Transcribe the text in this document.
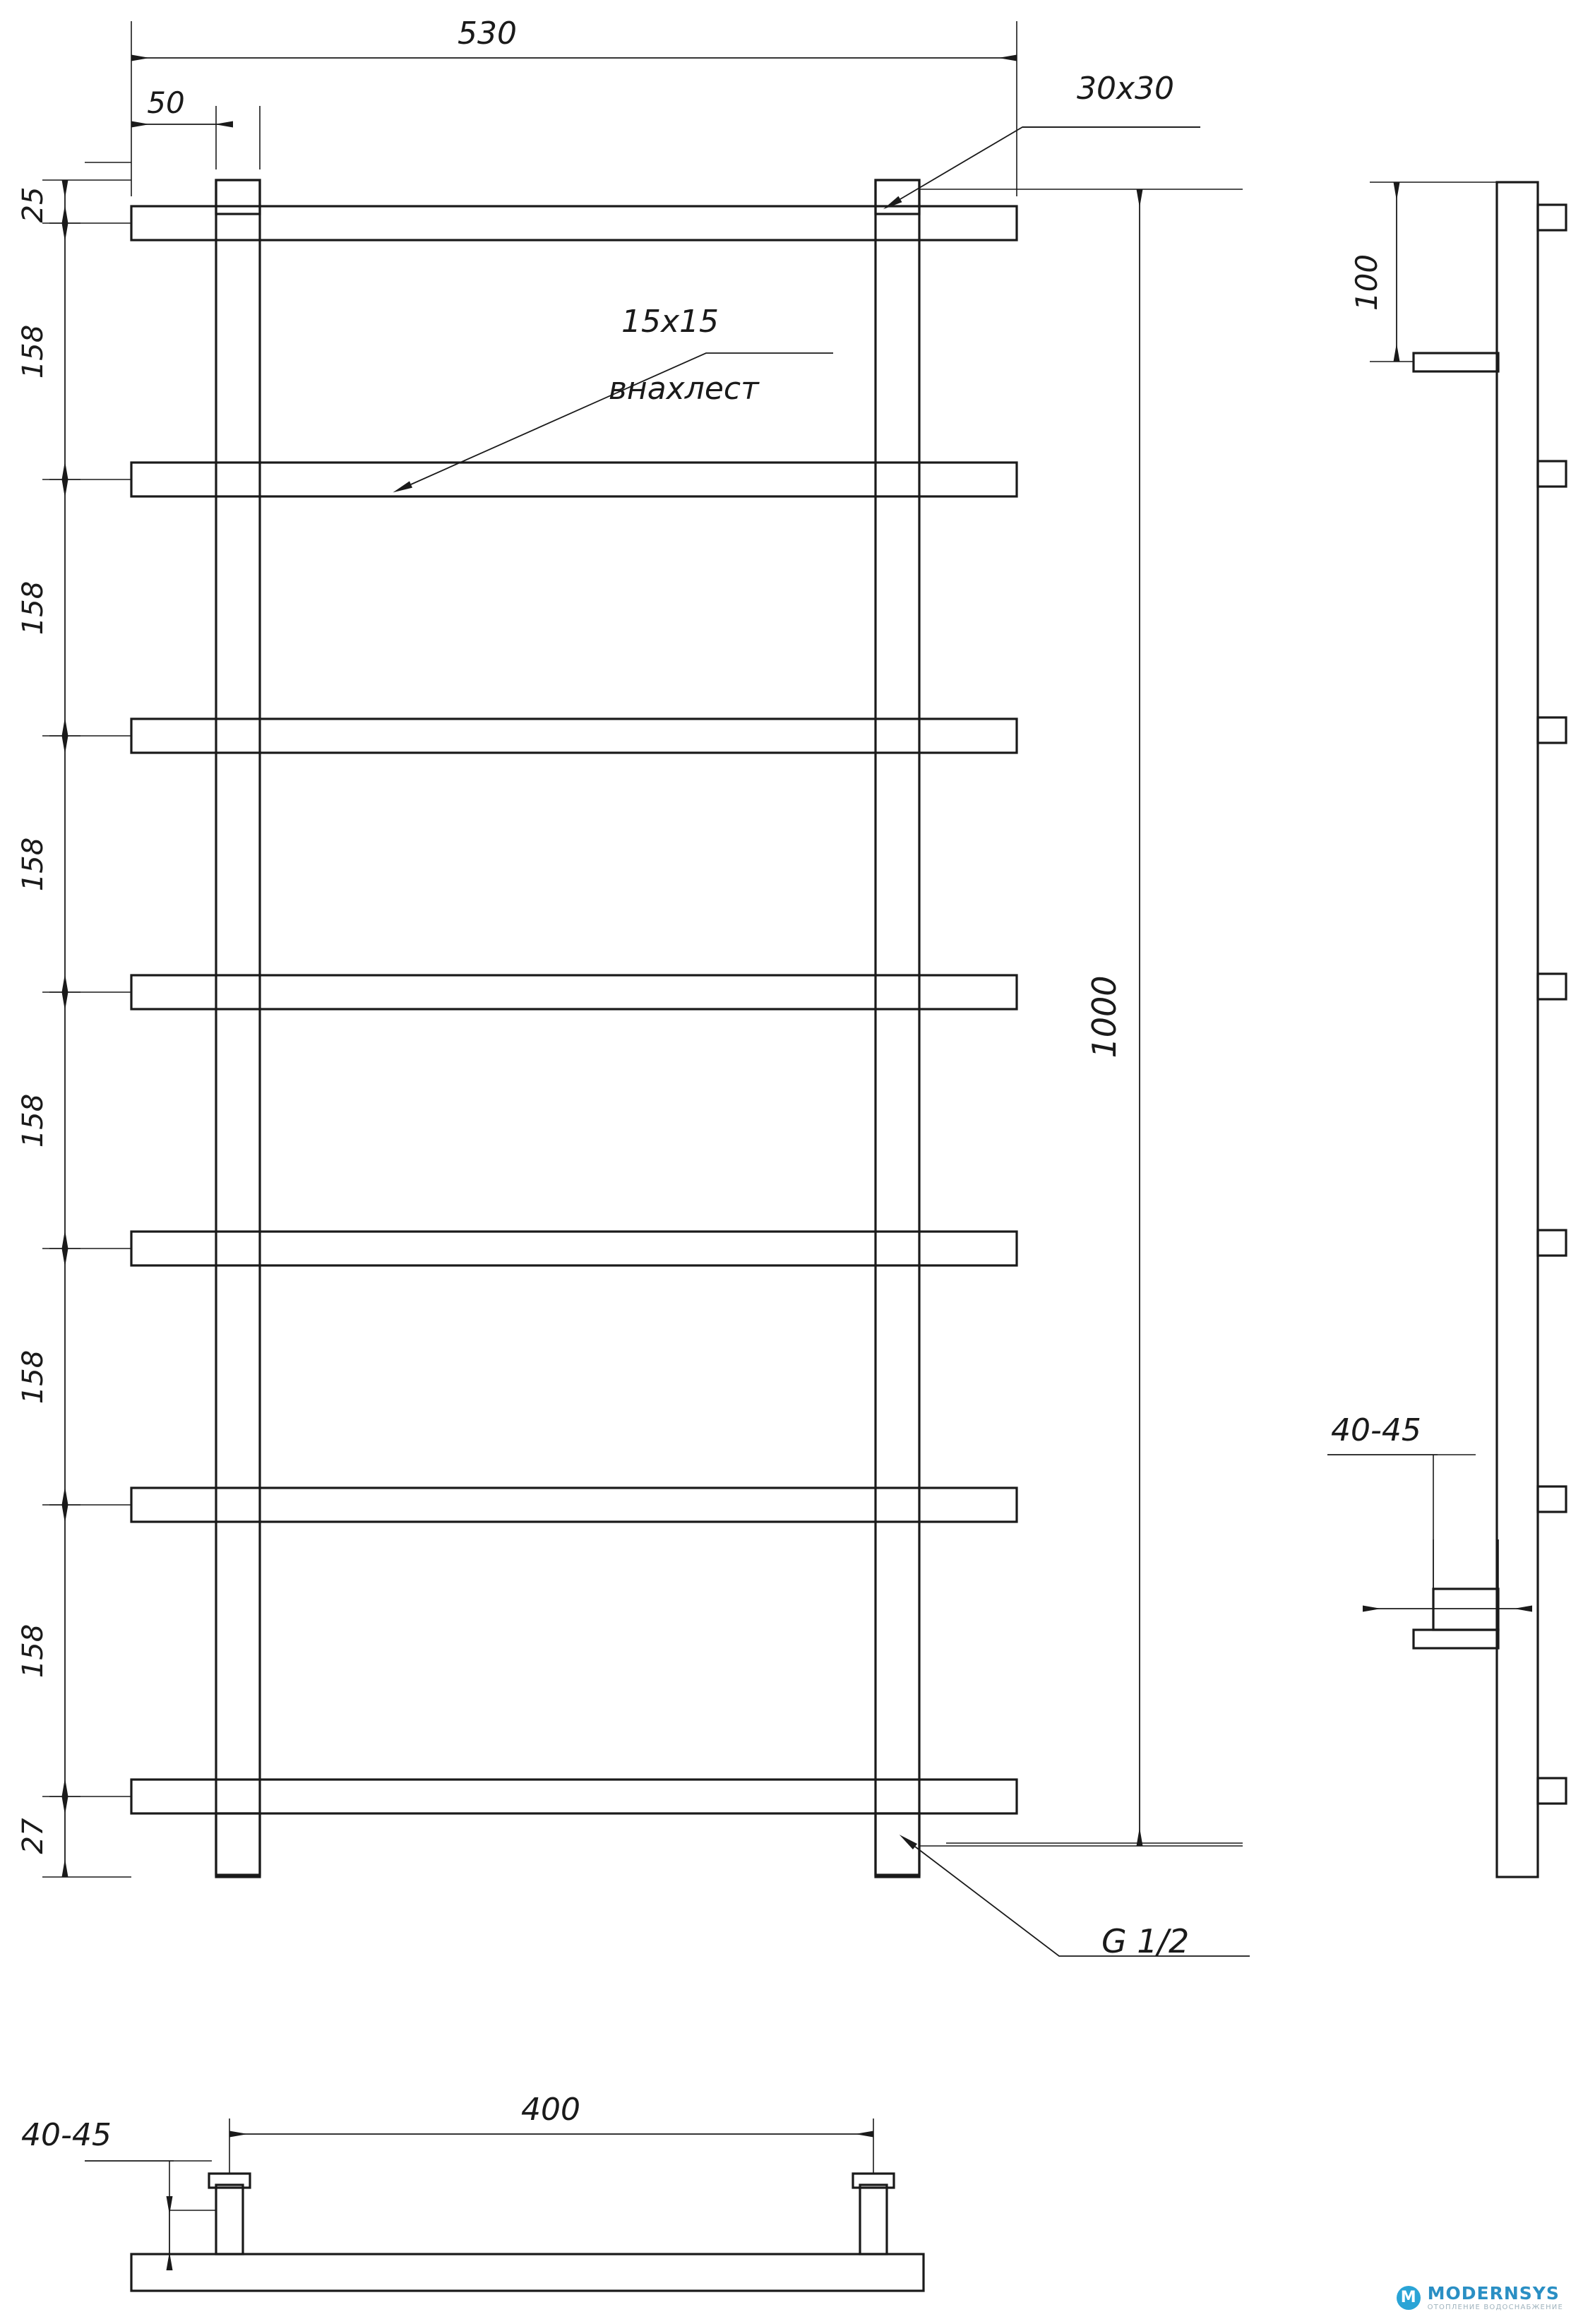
530
50	30x30
15x15
внахлест
G 1/2
25
158
158
158
158
158
158
27
1000
100
40-45
40-45
400
M MODERNSYS
ОТОПЛЕНИЕ ВОДОСНАБЖЕНИЕ
